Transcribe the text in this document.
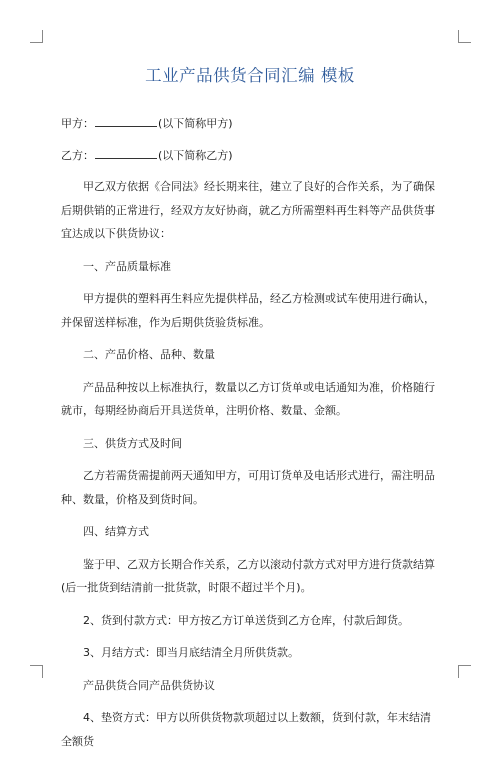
工业产品供货合同汇编 模板

甲方：	(以下简称甲方)

乙方：	(以下简称乙方)

甲乙双方依据《合同法》经长期来往，建立了良好的合作关系，为了确保后期供销的正常进行，经双方友好协商，就乙方所需塑料再生料等产品供货事宜达成以下供货协议：

一、产品质量标准

甲方提供的塑料再生料应先提供样品，经乙方检测或试车使用进行确认，并保留送样标准，作为后期供货验货标准。

二、产品价格、品种、数量

产品品种按以上标准执行，数量以乙方订货单或电话通知为准，价格随行就市，每期经协商后开具送货单，注明价格、数量、金额。

三、供货方式及时间

乙方若需货需提前两天通知甲方，可用订货单及电话形式进行，需注明品种、数量，价格及到货时间。

四、结算方式

鉴于甲、乙双方长期合作关系，乙方以滚动付款方式对甲方进行货款结算(后一批货到结清前一批货款，时限不超过半个月)。

2、货到付款方式：甲方按乙方订单送货到乙方仓库，付款后卸货。

3、月结方式：即当月底结清全月所供货款。

产品供货合同产品供货协议

4、垫资方式：甲方以所供货物款项超过以上数额，货到付款，年末结清全额货
